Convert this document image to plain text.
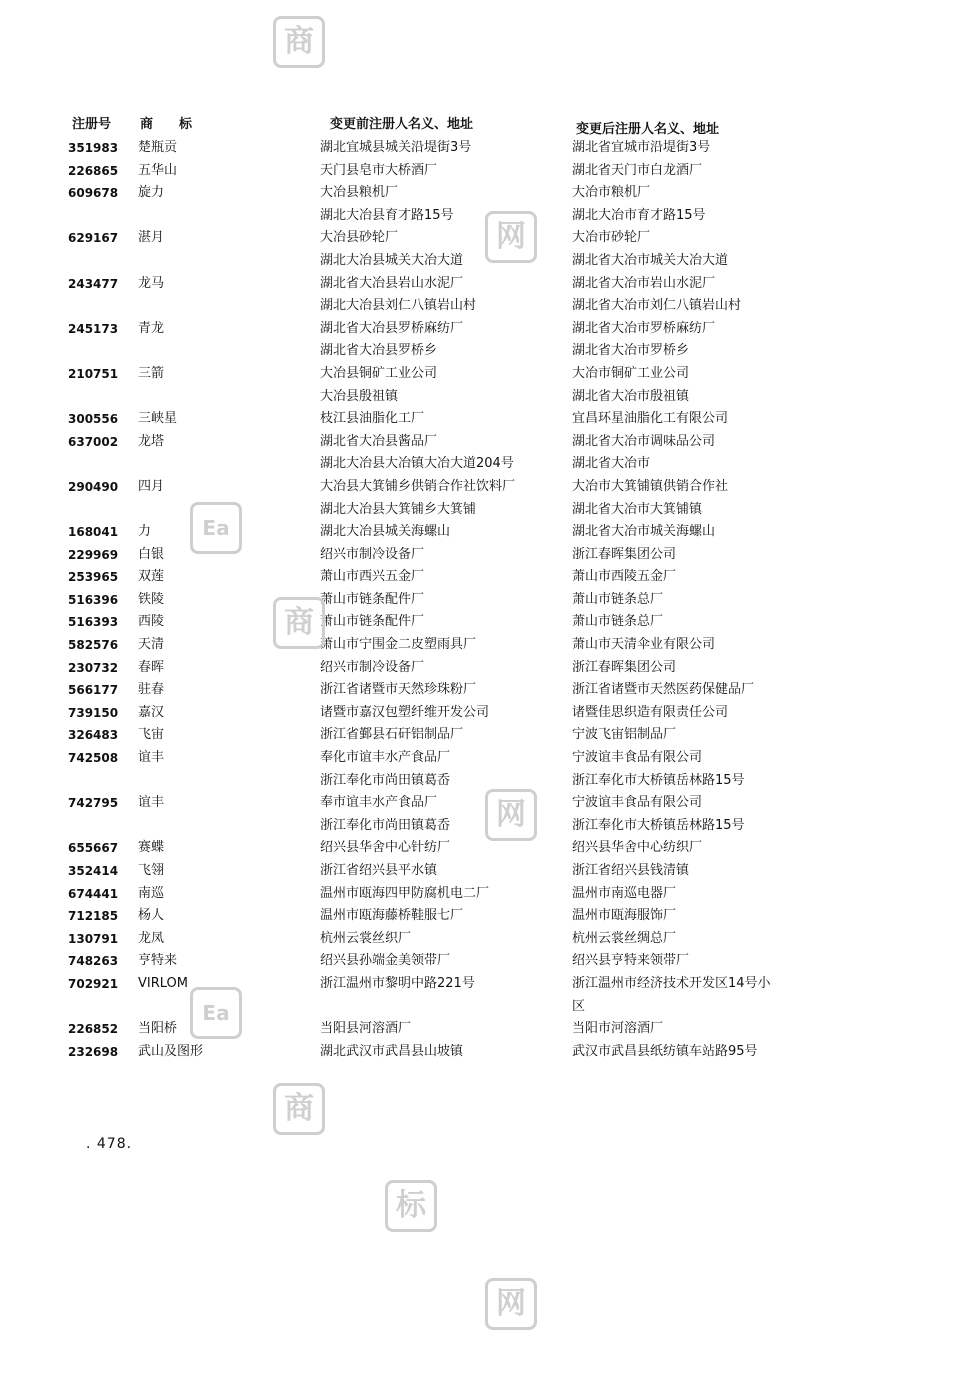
注册号 商　　标	变更前注册人名义、地址	变更后注册人名义、地址
351983 楚瓶贡	湖北宜城县城关沿堤街3号	湖北省宜城市沿堤街3号
226865 五华山	天门县皂市大桥酒厂	湖北省天门市白龙酒厂
609678 旋力	大冶县粮机厂	大冶市粮机厂
湖北大冶县育才路15号	湖北大冶市育才路15号
629167 湛月	大冶县砂轮厂	大冶市砂轮厂
湖北大冶县城关大冶大道	湖北省大冶市城关大冶大道
243477 龙马	湖北省大冶县岩山水泥厂	湖北省大冶市岩山水泥厂
湖北大冶县刘仁八镇岩山村	湖北省大冶市刘仁八镇岩山村
245173 青龙	湖北省大冶县罗桥麻纺厂	湖北省大冶市罗桥麻纺厂
湖北省大冶县罗桥乡	湖北省大冶市罗桥乡
210751 三箭	大冶县铜矿工业公司	大冶市铜矿工业公司
大冶县殷祖镇	湖北省大冶市殷祖镇
300556 三峡星	枝江县油脂化工厂	宜昌环星油脂化工有限公司
637002 龙塔	湖北省大冶县酱品厂	湖北省大冶市调味品公司
湖北大冶县大冶镇大冶大道204号	湖北省大冶市
290490 四月	大冶县大箕铺乡供销合作社饮料厂	大冶市大箕铺镇供销合作社
湖北大冶县大箕铺乡大箕铺	湖北省大冶市大箕铺镇
168041 力	湖北大冶县城关海螺山	湖北省大冶市城关海螺山
229969 白银	绍兴市制冷设备厂	浙江春晖集团公司
253965 双莲	萧山市西兴五金厂	萧山市西陵五金厂
516396 铁陵	萧山市链条配件厂	萧山市链条总厂
516393 西陵	萧山市链条配件厂	萧山市链条总厂
582576 天清	萧山市宁围金二皮塑雨具厂	萧山市天清伞业有限公司
230732 春晖	绍兴市制冷设备厂	浙江春晖集团公司
566177 驻春	浙江省诸暨市天然珍珠粉厂	浙江省诸暨市天然医药保健品厂
739150 嘉汉	诸暨市嘉汉包塑纤维开发公司	诸暨佳思织造有限责任公司
326483 飞宙	浙江省鄞县石矸铝制品厂	宁波飞宙铝制品厂
742508 谊丰	奉化市谊丰水产食品厂	宁波谊丰食品有限公司
浙江奉化市尚田镇葛岙	浙江奉化市大桥镇岳林路15号
742795 谊丰	奉市谊丰水产食品厂	宁波谊丰食品有限公司
浙江奉化市尚田镇葛岙	浙江奉化市大桥镇岳林路15号
655667 赛蝶	绍兴县华舍中心针纺厂	绍兴县华舍中心纺织厂
352414 飞翎	浙江省绍兴县平水镇	浙江省绍兴县钱清镇
674441 南巡	温州市瓯海四甲防腐机电二厂	温州市南巡电器厂
712185 杨人	温州市瓯海藤桥鞋服七厂	温州市瓯海服饰厂
130791 龙凤	杭州云裳丝织厂	杭州云裳丝绸总厂
748263 亨特来	绍兴县孙端金美领带厂	绍兴县亨特来领带厂
702921 VIRLOM	浙江温州市黎明中路221号	浙江温州市经济技术开发区14号小
区
226852 当阳桥	当阳县河溶酒厂	当阳市河溶酒厂
232698 武山及图形	湖北武汉市武昌县山坡镇	武汉市武昌县纸纺镇车站路95号
. 478.
商
网
Ea
商
网
Ea
商
标
网
